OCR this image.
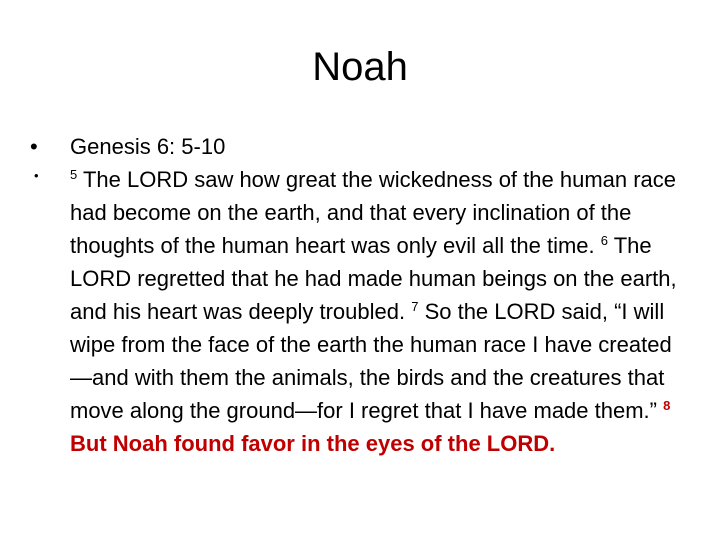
Noah
•	Genesis 6: 5-10
•	$^5$ The LORD saw how great the wickedness of the human race had become on the earth, and that every inclination of the thoughts of the human heart was only evil all the time. $^6$ The LORD regretted that he had made human beings on the earth, and his heart was deeply troubled. $^7$ So the LORD said, “I will wipe from the face of the earth the human race I have created—and with them the animals, the birds and the creatures that move along the ground—for I regret that I have made them.” $^8$ But Noah found favor in the eyes of the LORD.
